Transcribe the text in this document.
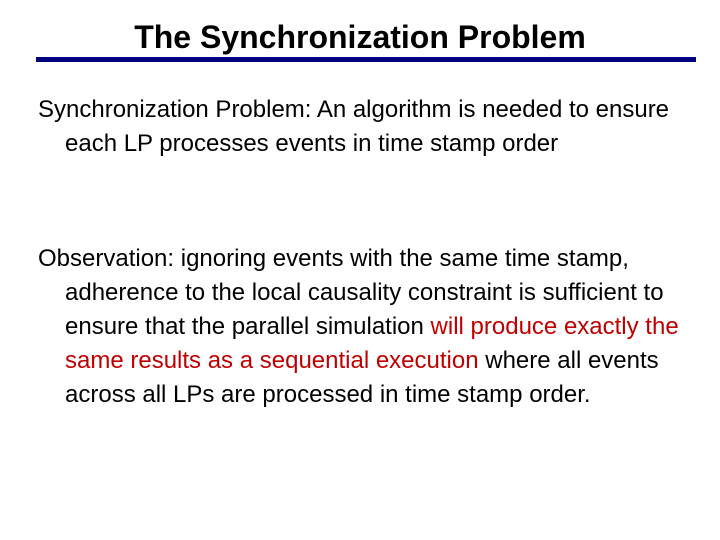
The Synchronization Problem

Synchronization Problem: An algorithm is needed to ensure each LP processes events in time stamp order

Observation: ignoring events with the same time stamp, adherence to the local causality constraint is sufficient to ensure that the parallel simulation will produce exactly the same results as a sequential execution where all events across all LPs are processed in time stamp order.
